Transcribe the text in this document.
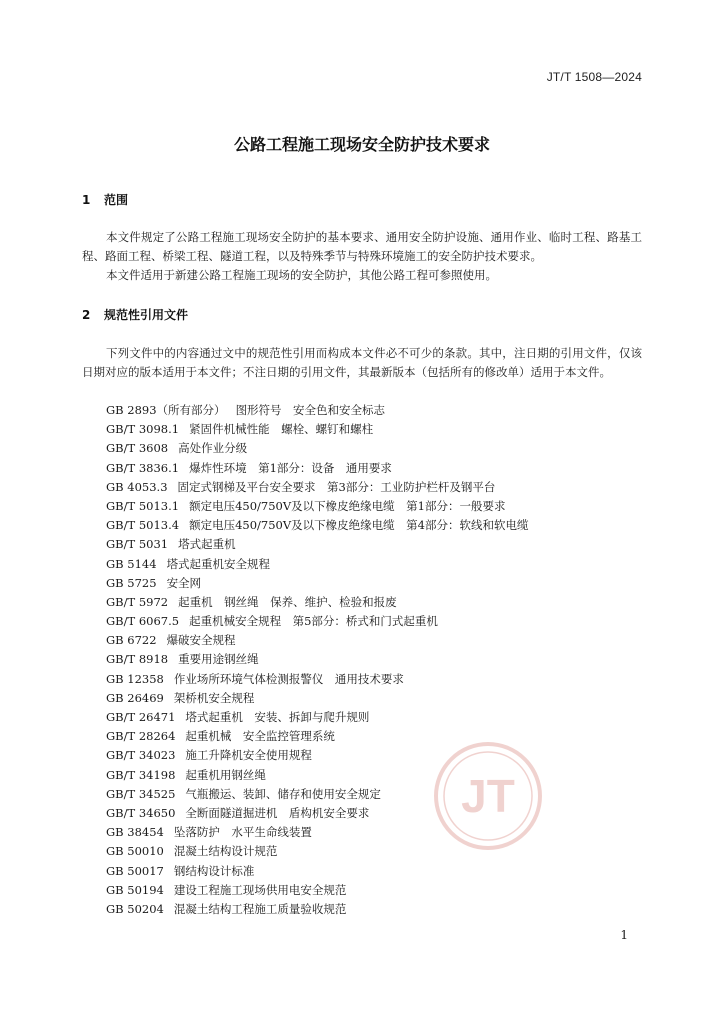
JT/T 1508—2024
公路工程施工现场安全防护技术要求
1 范围

本文件规定了公路工程施工现场安全防护的基本要求、通用安全防护设施、通用作业、临时工程、路基工程、路面工程、桥梁工程、隧道工程，以及特殊季节与特殊环境施工的安全防护技术要求。

本文件适用于新建公路工程施工现场的安全防护，其他公路工程可参照使用。

2 规范性引用文件

下列文件中的内容通过文中的规范性引用而构成本文件必不可少的条款。其中，注日期的引用文件，仅该日期对应的版本适用于本文件；不注日期的引用文件，其最新版本（包括所有的修改单）适用于本文件。

GB 2893（所有部分） 图形符号　安全色和安全标志
GB/T 3098.1 紧固件机械性能　螺栓、螺钉和螺柱
GB/T 3608 高处作业分级
GB/T 3836.1 爆炸性环境　第1部分：设备　通用要求
GB 4053.3 固定式钢梯及平台安全要求　第3部分：工业防护栏杆及钢平台
GB/T 5013.1 额定电压450/750V及以下橡皮绝缘电缆　第1部分：一般要求
GB/T 5013.4 额定电压450/750V及以下橡皮绝缘电缆　第4部分：软线和软电缆
GB/T 5031 塔式起重机
GB 5144 塔式起重机安全规程
GB 5725 安全网
GB/T 5972 起重机　钢丝绳　保养、维护、检验和报废
GB/T 6067.5 起重机械安全规程　第5部分：桥式和门式起重机
GB 6722 爆破安全规程
GB/T 8918 重要用途钢丝绳
GB 12358 作业场所环境气体检测报警仪　通用技术要求
GB 26469 架桥机安全规程
GB/T 26471 塔式起重机　安装、拆卸与爬升规则
GB/T 28264 起重机械　安全监控管理系统
GB/T 34023 施工升降机安全使用规程
GB/T 34198 起重机用钢丝绳
GB/T 34525 气瓶搬运、装卸、储存和使用安全规定
GB/T 34650 全断面隧道掘进机　盾构机安全要求
GB 38454 坠落防护　水平生命线装置
GB 50010 混凝土结构设计规范
GB 50017 钢结构设计标准
GB 50194 建设工程施工现场供用电安全规范
GB 50204 混凝土结构工程施工质量验收规范
JT
1
